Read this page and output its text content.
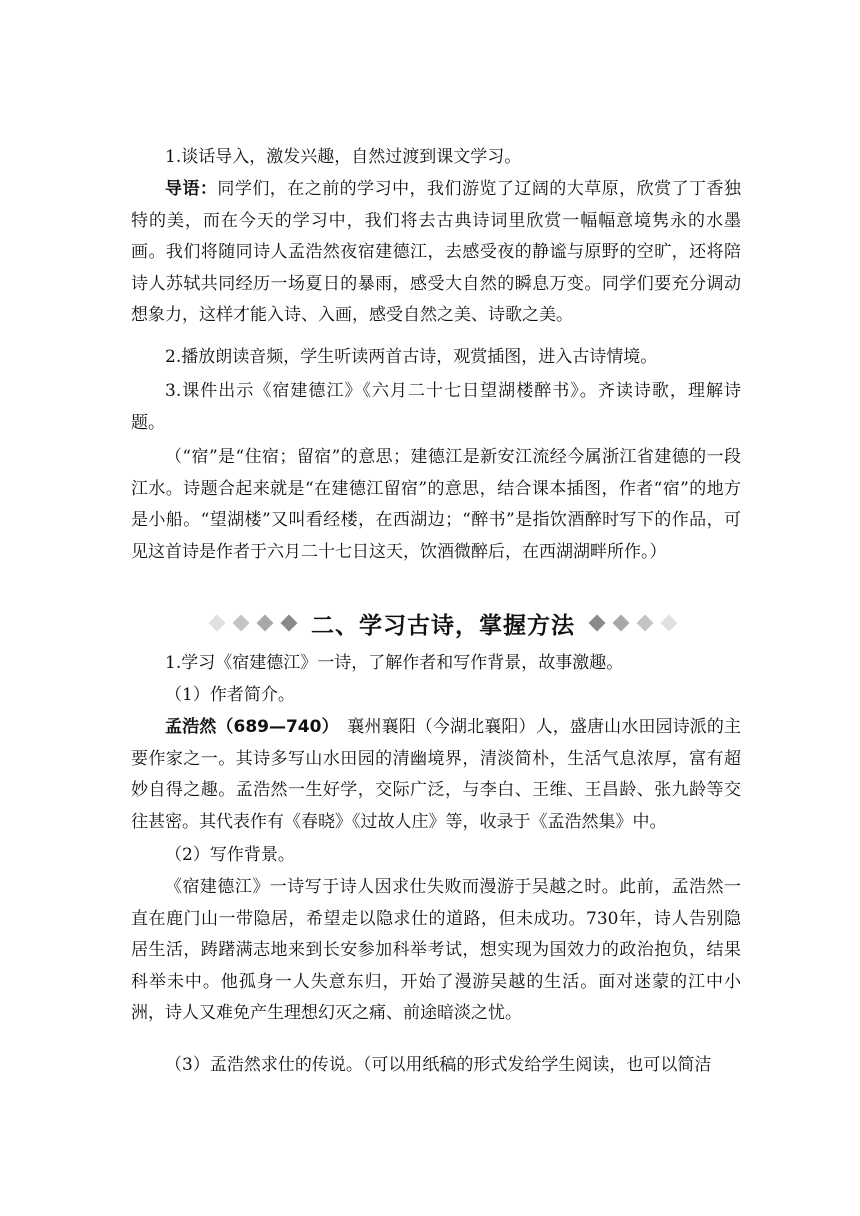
1.谈话导入，激发兴趣，自然过渡到课文学习。
导语：同学们，在之前的学习中，我们游览了辽阔的大草原，欣赏了丁香独特的美，而在今天的学习中，我们将去古典诗词里欣赏一幅幅意境隽永的水墨画。我们将随同诗人孟浩然夜宿建德江，去感受夜的静谧与原野的空旷，还将陪诗人苏轼共同经历一场夏日的暴雨，感受大自然的瞬息万变。同学们要充分调动想象力，这样才能入诗、入画，感受自然之美、诗歌之美。
2.播放朗读音频，学生听读两首古诗，观赏插图，进入古诗情境。
3.课件出示《宿建德江》《六月二十七日望湖楼醉书》。齐读诗歌，理解诗题。
（“宿”是“住宿；留宿”的意思；建德江是新安江流经今属浙江省建德的一段江水。诗题合起来就是“在建德江留宿”的意思，结合课本插图，作者“宿”的地方是小船。“望湖楼”又叫看经楼，在西湖边；“醉书”是指饮酒醉时写下的作品，可见这首诗是作者于六月二十七日这天，饮酒微醉后，在西湖湖畔所作。）
二、学习古诗，掌握方法
1.学习《宿建德江》一诗，了解作者和写作背景，故事激趣。
（1）作者简介。
孟浩然（689—740）　襄州襄阳（今湖北襄阳）人，盛唐山水田园诗派的主要作家之一。其诗多写山水田园的清幽境界，清淡简朴，生活气息浓厚，富有超妙自得之趣。孟浩然一生好学，交际广泛，与李白、王维、王昌龄、张九龄等交往甚密。其代表作有《春晓》《过故人庄》等，收录于《孟浩然集》中。
（2）写作背景。
《宿建德江》一诗写于诗人因求仕失败而漫游于吴越之时。此前，孟浩然一直在鹿门山一带隐居，希望走以隐求仕的道路，但未成功。730年，诗人告别隐居生活，踌躇满志地来到长安参加科举考试，想实现为国效力的政治抱负，结果科举未中。他孤身一人失意东归，开始了漫游吴越的生活。面对迷蒙的江中小洲，诗人又难免产生理想幻灭之痛、前途暗淡之忧。
（3）孟浩然求仕的传说。（可以用纸稿的形式发给学生阅读，也可以简洁
